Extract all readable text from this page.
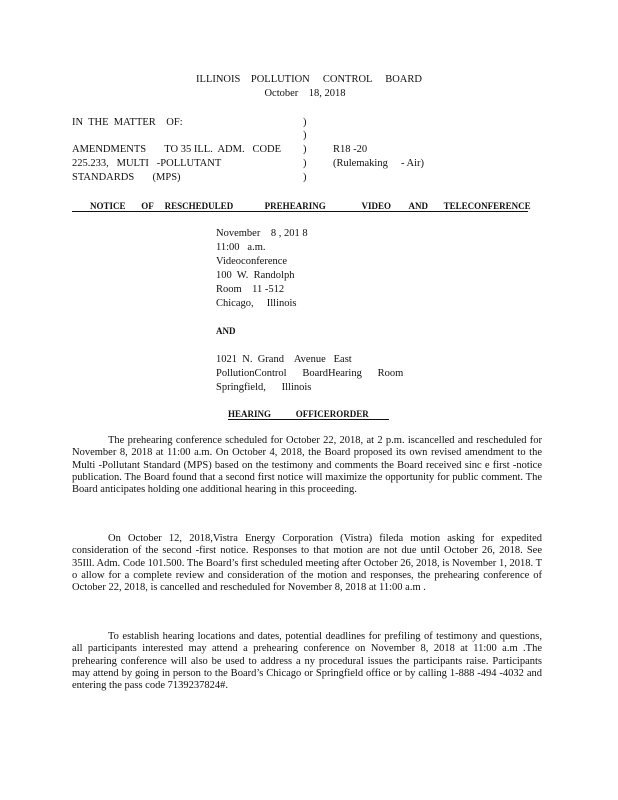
ILLINOIS    POLLUTION     CONTROL     BOARD
October    18, 2018
IN  THE  MATTER    OF:
AMENDMENTS       TO 35 ILL.  ADM.   CODE
225.233,   MULTI   -POLLUTANT
STANDARDS       (MPS)
)
)
)
)
)
R18 -20
(Rulemaking     - Air)
NOTICE       OF     RESCHEDULED              PREHEARING                VIDEO        AND       TELECONFERENCE
November    8 , 201 8
11:00   a.m.
Videoconference
100  W.  Randolph
Room    11 -512
Chicago,     Illinois
AND
1021  N.  Grand    Avenue   East
PollutionControl      BoardHearing      Room
Springfield,      Illinois
HEARING           OFFICERORDER
The prehearing conference scheduled for October 22, 2018, at 2 p.m. iscancelled and rescheduled for November 8, 2018 at 11:00 a.m. On October 4, 2018, the Board proposed its own revised amendment to the Multi -Pollutant Standard (MPS) based on the testimony and comments the Board received sinc e first -notice publication. The Board found that a second first notice will maximize the opportunity for public comment. The Board anticipates holding one additional hearing in this proceeding.
On October 12, 2018,Vistra Energy Corporation (Vistra) fileda motion asking for expedited consideration of the second -first notice. Responses to that motion are not due until October 26, 2018. See 35Ill. Adm. Code 101.500. The Board’s first scheduled meeting after October 26, 2018, is November 1, 2018. T o allow for a complete review and consideration of the motion and responses, the prehearing conference of October 22, 2018, is cancelled and rescheduled for November 8, 2018 at 11:00 a.m .
To establish hearing locations and dates, potential deadlines for prefiling of testimony and questions, all participants interested may attend a prehearing conference on November 8, 2018 at 11:00 a.m .The prehearing conference will also be used to address a ny procedural issues the participants raise. Participants may attend by going in person to the Board’s Chicago or Springfield office or by calling 1-888 -494 -4032 and entering the pass code 7139237824#.
